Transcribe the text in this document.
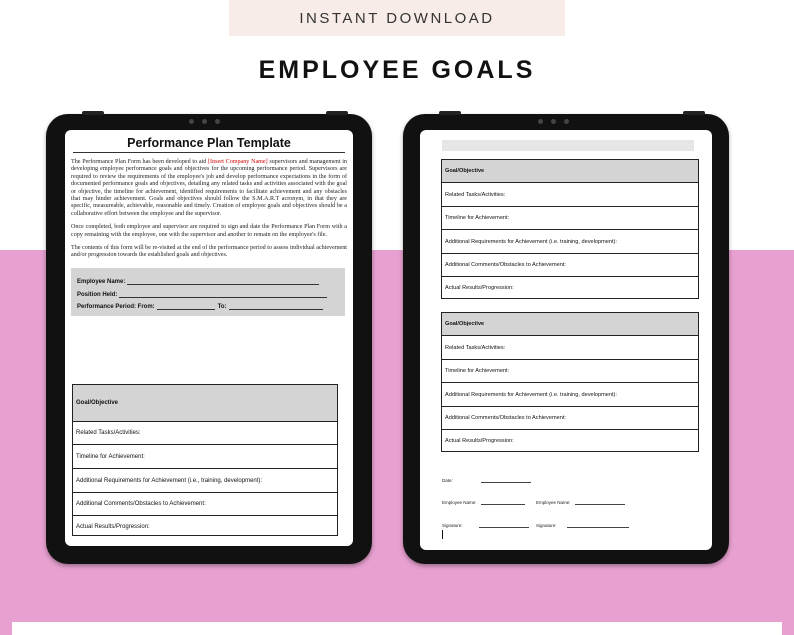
INSTANT DOWNLOAD
EMPLOYEE GOALS
Performance Plan Template

The Performance Plan Form has been developed to aid [Insert Company Name] supervisors and management in developing employee performance goals and objectives for the upcoming performance period. Supervisors are required to review the requirements of the employee's job and develop performance expectations in the form of documented performance goals and objectives, detailing any related tasks and activities associated with the goal or objective, the timeline for achievement, identified requirements to facilitate achievement and any obstacles that may hinder achievement. Goals and objectives should follow the S.M.A.R.T acronym, in that they are specific, measureable, achievable, reasonable and timely. Creation of employee goals and objectives should be a collaborative effort between the employee and the supervisor.

Once completed, both employee and supervisor are required to sign and date the Performance Plan Form with a copy remaining with the employee, one with the supervisor and another to remain on the employee's file.

The contents of this form will be re-visited at the end of the performance period to assess individual achievement and/or progression towards the established goals and objectives.

Employee Name:
Position Held:
Performance Period: From:	To:
Goal/Objective
Related Tasks/Activities:
Timeline for Achievement:
Additional Requirements for Achievement (i.e., training, development):
Additional Comments/Obstacles to Achievement:
Actual Results/Progression:
Goal/Objective
Related Tasks/Activities:
Timeline for Achievement:
Additional Requirements for Achievement (i.e. training, development):
Additional Comments/Obstacles to Achievement:
Actual Results/Progression:
Goal/Objective
Related Tasks/Activities:
Timeline for Achievement:
Additional Requirements for Achievement (i.e. training, development):
Additional Comments/Obstacles to Achievement:
Actual Results/Progression:
Date:
Employee Name:	Employee Name:
Signature:	Signature:
